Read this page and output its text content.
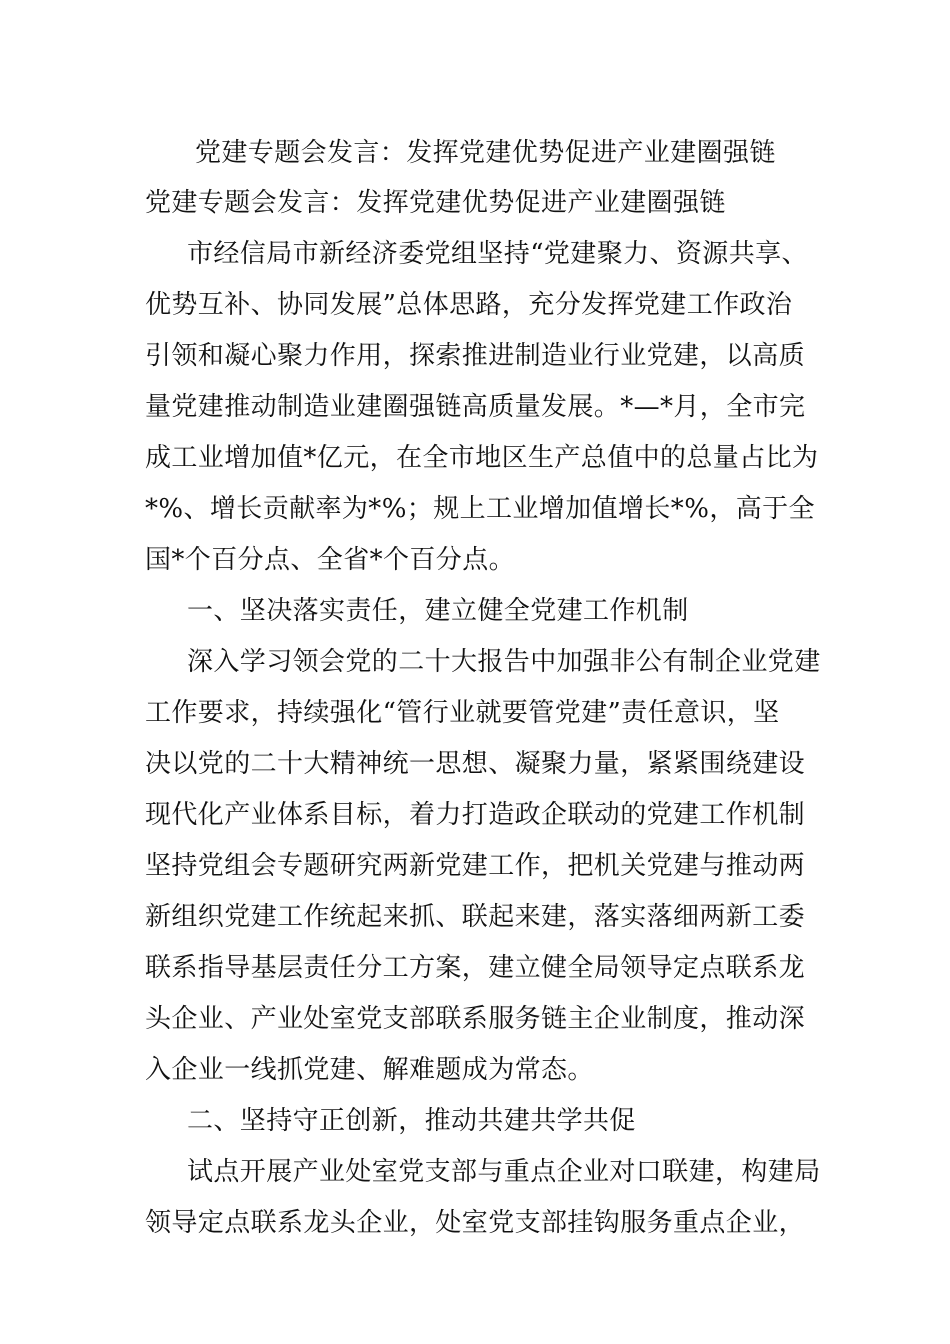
党建专题会发言：发挥党建优势促进产业建圈强链
党建专题会发言：发挥党建优势促进产业建圈强链
市经信局市新经济委党组坚持“党建聚力、资源共享、
优势互补、协同发展”总体思路，充分发挥党建工作政治
引领和凝心聚力作用，探索推进制造业行业党建，以高质
量党建推动制造业建圈强链高质量发展。*—*月，全市完
成工业增加值*亿元，在全市地区生产总值中的总量占比为
*%、增长贡献率为*%；规上工业增加值增长*%，高于全
国*个百分点、全省*个百分点。
一、坚决落实责任，建立健全党建工作机制
深入学习领会党的二十大报告中加强非公有制企业党建
工作要求，持续强化“管行业就要管党建”责任意识，坚
决以党的二十大精神统一思想、凝聚力量，紧紧围绕建设
现代化产业体系目标，着力打造政企联动的党建工作机制
坚持党组会专题研究两新党建工作，把机关党建与推动两
新组织党建工作统起来抓、联起来建，落实落细两新工委
联系指导基层责任分工方案，建立健全局领导定点联系龙
头企业、产业处室党支部联系服务链主企业制度，推动深
入企业一线抓党建、解难题成为常态。
二、坚持守正创新，推动共建共学共促
试点开展产业处室党支部与重点企业对口联建，构建局
领导定点联系龙头企业，处室党支部挂钩服务重点企业，
